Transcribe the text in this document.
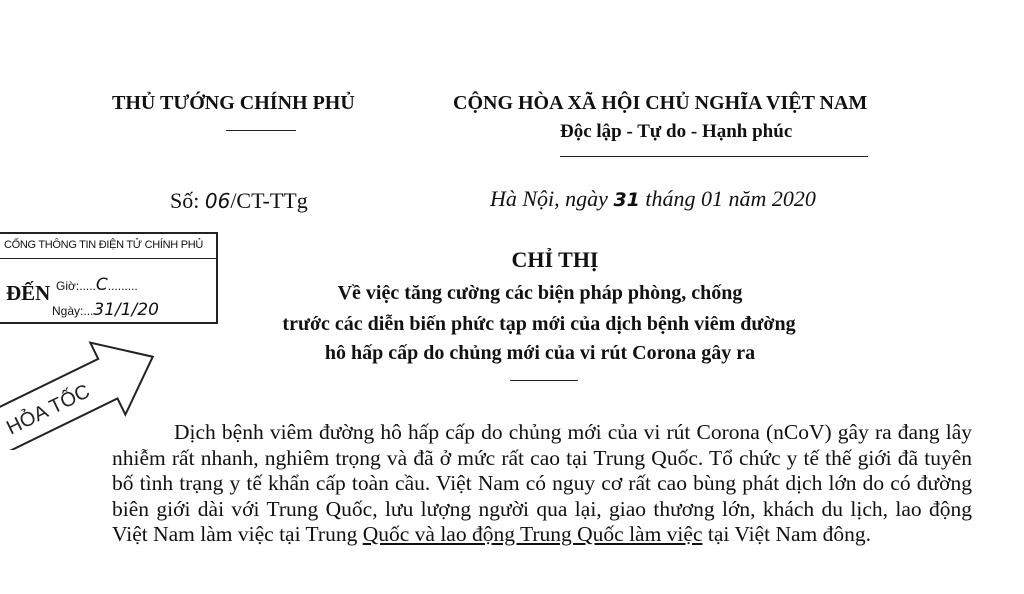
THỦ TƯỚNG CHÍNH PHỦ	CỘNG HÒA XÃ HỘI CHỦ NGHĨA VIỆT NAM
Độc lập - Tự do - Hạnh phúc
Số: 06/CT-TTg	Hà Nội, ngày 31 tháng 01 năm 2020
CHỈ THỊ
Về việc tăng cường các biện pháp phòng, chống
trước các diễn biến phức tạp mới của dịch bệnh viêm đường
hô hấp cấp do chủng mới của vi rút Corona gây ra

Dịch bệnh viêm đường hô hấp cấp do chủng mới của vi rút Corona (nCoV) gây ra đang lây nhiễm rất nhanh, nghiêm trọng và đã ở mức rất cao tại Trung Quốc. Tổ chức y tế thế giới đã tuyên bố tình trạng y tế khẩn cấp toàn cầu. Việt Nam có nguy cơ rất cao bùng phát dịch lớn do có đường biên giới dài với Trung Quốc, lưu lượng người qua lại, giao thương lớn, khách du lịch, lao động Việt Nam làm việc tại Trung Quốc và lao động Trung Quốc làm việc tại Việt Nam đông.

CỔNG THÔNG TIN ĐIỆN TỬ CHÍNH PHỦ
ĐẾN Giờ:.....C.........
Ngày:...31/1/20
HỎA TỐC
